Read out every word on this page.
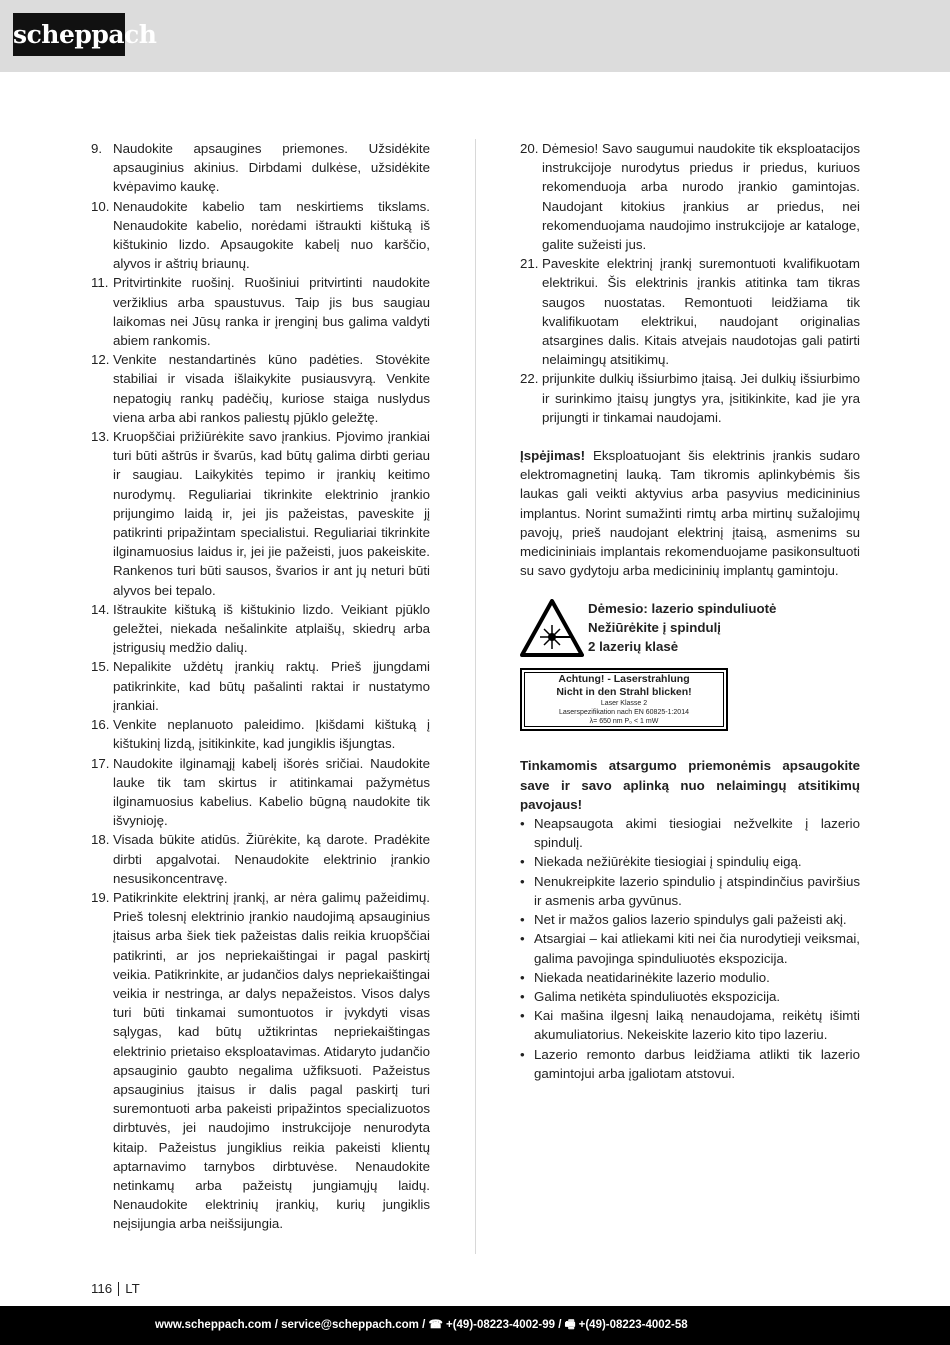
scheppach
9. Naudokite apsaugines priemones. Užsidėkite apsauginius akinius. Dirbdami dulkėse, užsidėkite kvėpavimo kaukę.
10. Nenaudokite kabelio tam neskirtiems tikslams. Nenaudokite kabelio, norėdami ištraukti kištuką iš kištukinio lizdo. Apsaugokite kabelį nuo karščio, alyvos ir aštrių briaunų.
11. Pritvirtinkite ruošinį. Ruošiniui pritvirtinti naudokite veržiklius arba spaustuvus. Taip jis bus saugiau laikomas nei Jūsų ranka ir įrenginį bus galima valdyti abiem rankomis.
12. Venkite nestandartinės kūno padėties. Stovėkite stabiliai ir visada išlaikykite pusiausvyrą. Venkite nepatogių rankų padėčių, kuriose staiga nuslydus viena arba abi rankos paliestų pjūklo geležtę.
13. Kruopščiai prižiūrėkite savo įrankius. Pjovimo įrankiai turi būti aštrūs ir švarūs, kad būtų galima dirbti geriau ir saugiau. Laikykitės tepimo ir įrankių keitimo nurodymų. Reguliariai tikrinkite elektrinio įrankio prijungimo laidą ir, jei jis pažeistas, paveskite jį patikrinti pripažintam specialistui. Reguliariai tikrinkite ilginamuosius laidus ir, jei jie pažeisti, juos pakeiskite. Rankenos turi būti sausos, švarios ir ant jų neturi būti alyvos bei tepalo.
14. Ištraukite kištuką iš kištukinio lizdo. Veikiant pjūklo geležtei, niekada nešalinkite atplaišų, skiedrų arba įstrigusių medžio dalių.
15. Nepalikite uždėtų įrankių raktų. Prieš įjungdami patikrinkite, kad būtų pašalinti raktai ir nustatymo įrankiai.
16. Venkite neplanuoto paleidimo. Įkišdami kištuką į kištukinį lizdą, įsitikinkite, kad jungiklis išjungtas.
17. Naudokite ilginamąjį kabelį išorės sričiai. Naudokite lauke tik tam skirtus ir atitinkamai pažymėtus ilginamuosius kabelius. Kabelio būgną naudokite tik išvynioję.
18. Visada būkite atidūs. Žiūrėkite, ką darote. Pradėkite dirbti apgalvotai. Nenaudokite elektrinio įrankio nesusikoncentravę.
19. Patikrinkite elektrinį įrankį, ar nėra galimų pažeidimų. Prieš tolesnį elektrinio įrankio naudojimą apsauginius įtaisus arba šiek tiek pažeistas dalis reikia kruopščiai patikrinti, ar jos nepriekaištingai ir pagal paskirtį veikia. Patikrinkite, ar judančios dalys nepriekaištingai veikia ir nestringa, ar dalys nepažeistos. Visos dalys turi būti tinkamai sumontuotos ir įvykdyti visas sąlygas, kad būtų užtikrintas nepriekaištingas elektrinio prietaiso eksploatavimas. Atidaryto judančio apsauginio gaubto negalima užfiksuoti. Pažeistus apsauginius įtaisus ir dalis pagal paskirtį turi suremontuoti arba pakeisti pripažintos specializuotos dirbtuvės, jei naudojimo instrukcijoje nenurodyta kitaip. Pažeistus jungiklius reikia pakeisti klientų aptarnavimo tarnybos dirbtuvėse. Nenaudokite netinkamų arba pažeistų jungiamųjų laidų. Nenaudokite elektrinių įrankių, kurių jungiklis neįsijungia arba neišsijungia.
20. Dėmesio! Savo saugumui naudokite tik eksploatacijos instrukcijoje nurodytus priedus ir priedus, kuriuos rekomenduoja arba nurodo įrankio gamintojas. Naudojant kitokius įrankius ar priedus, nei rekomenduojama naudojimo instrukcijoje ar kataloge, galite sužeisti jus.
21. Paveskite elektrinį įrankį suremontuoti kvalifikuotam elektrikui. Šis elektrinis įrankis atitinka tam tikras saugos nuostatas. Remontuoti leidžiama tik kvalifikuotam elektrikui, naudojant originalias atsargines dalis. Kitais atvejais naudotojas gali patirti nelaimingų atsitikimų.
22. prijunkite dulkių išsiurbimo įtaisą. Jei dulkių išsiurbimo ir surinkimo įtaisų jungtys yra, įsitikinkite, kad jie yra prijungti ir tinkamai naudojami.
Įspėjimas! Eksploatuojant šis elektrinis įrankis sudaro elektromagnetinį lauką. Tam tikromis aplinkybėmis šis laukas gali veikti aktyvius arba pasyvius medicininius implantus. Norint sumažinti rimtų arba mirtinų sužalojimų pavojų, prieš naudojant elektrinį įtaisą, asmenims su medicininiais implantais rekomenduojame pasikonsultuoti su savo gydytoju arba medicininių implantų gamintoju.
Dėmesio: lazerio spinduliuotė
Nežiūrėkite į spindulį
2 lazerių klasė
Achtung! - Laserstrahlung
Nicht in den Strahl blicken!
Laser Klasse 2
Laserspezifikation nach EN 60825-1:2014
λ= 650 nm P₀ < 1 mW
Tinkamomis atsargumo priemonėmis apsaugokite save ir savo aplinką nuo nelaimingų atsitikimų pavojaus!
• Neapsaugota akimi tiesiogiai nežvelkite į lazerio spindulį.
• Niekada nežiūrėkite tiesiogiai į spindulių eigą.
• Nenukreipkite lazerio spindulio į atspindinčius paviršius ir asmenis arba gyvūnus.
• Net ir mažos galios lazerio spindulys gali pažeisti akį.
• Atsargiai – kai atliekami kiti nei čia nurodytieji veiksmai, galima pavojinga spinduliuotės ekspozicija.
• Niekada neatidarinėkite lazerio modulio.
• Galima netikėta spinduliuotės ekspozicija.
• Kai mašina ilgesnį laiką nenaudojama, reikėtų išimti akumuliatorius. Nekeiskite lazerio kito tipo lazeriu.
• Lazerio remonto darbus leidžiama atlikti tik lazerio gamintojui arba įgaliotam atstovui.
116 LT
www.scheppach.com / service@scheppach.com / ☎ +(49)-08223-4002-99 / 🖷 +(49)-08223-4002-58
